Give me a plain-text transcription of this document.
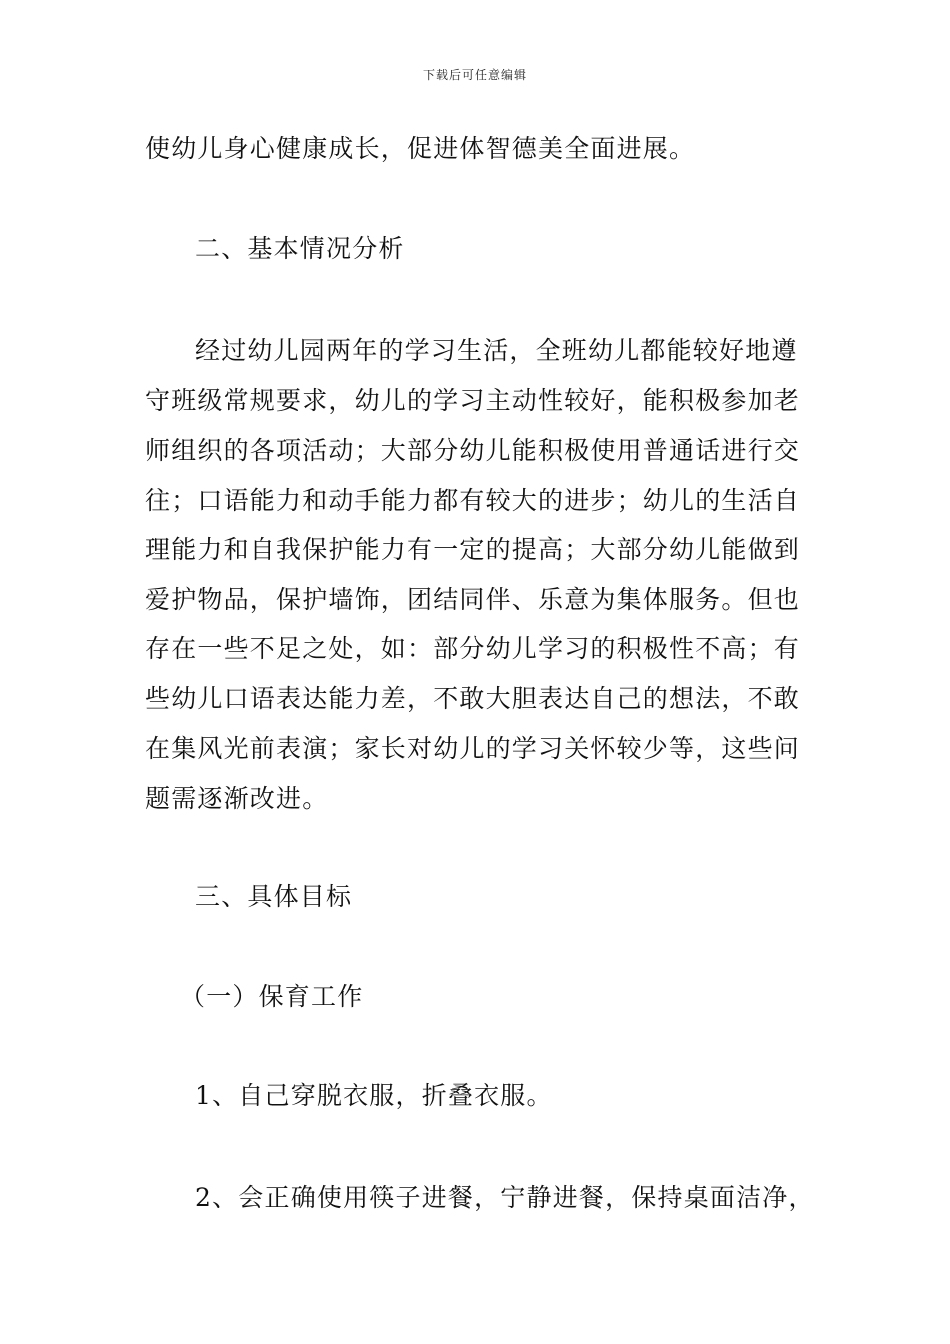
下载后可任意编辑
使幼儿身心健康成长，促进体智德美全面进展。
二、基本情况分析
经过幼儿园两年的学习生活，全班幼儿都能较好地遵
守班级常规要求，幼儿的学习主动性较好，能积极参加老
师组织的各项活动；大部分幼儿能积极使用普通话进行交
往；口语能力和动手能力都有较大的进步；幼儿的生活自
理能力和自我保护能力有一定的提高；大部分幼儿能做到
爱护物品，保护墙饰，团结同伴、乐意为集体服务。但也
存在一些不足之处，如：部分幼儿学习的积极性不高；有
些幼儿口语表达能力差，不敢大胆表达自己的想法，不敢
在集风光前表演；家长对幼儿的学习关怀较少等，这些问
题需逐渐改进。
三、具体目标
（一）保育工作
1、自己穿脱衣服，折叠衣服。
2、会正确使用筷子进餐，宁静进餐，保持桌面洁净，
